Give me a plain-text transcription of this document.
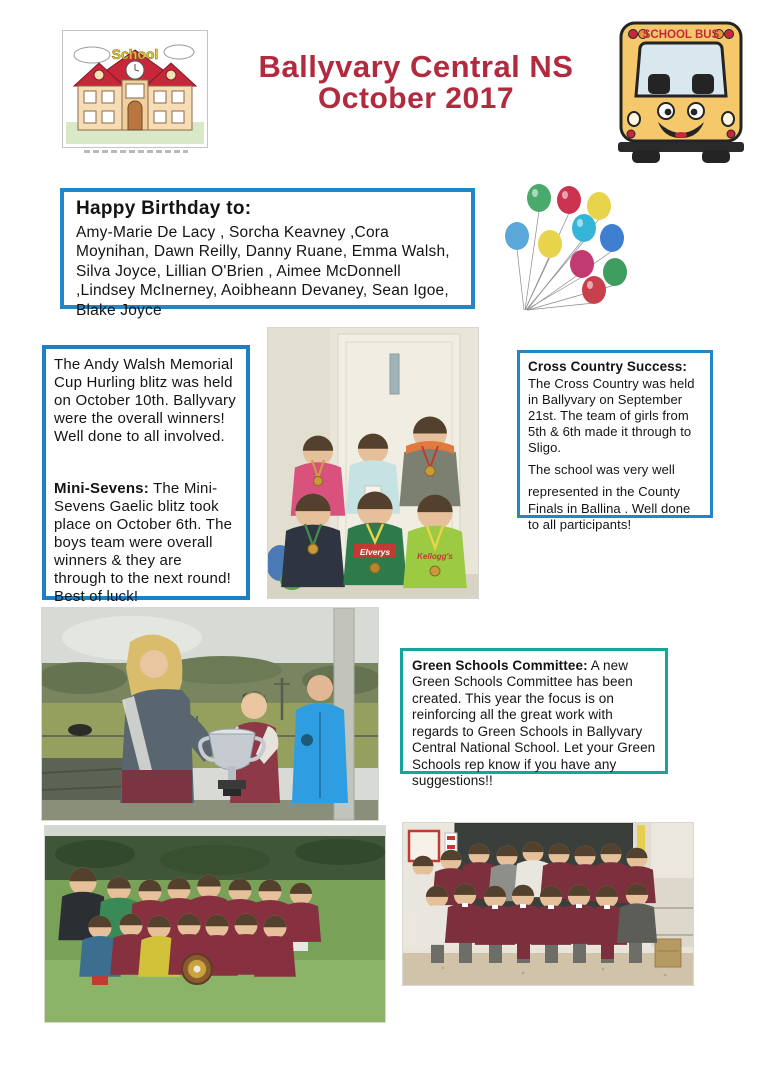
School	Ballyvary Central NS
October 2017
SCHOOL BUS

Happy Birthday to:

Amy-Marie De Lacy , Sorcha Keavney ,Cora Moynihan, Dawn Reilly, Danny Ruane, Emma Walsh, Silva Joyce, Lillian O'Brien , Aimee McDonnell ,Lindsey McInerney, Aoibheann Devaney, Sean Igoe, Blake Joyce

The Andy Walsh Memorial Cup Hurling blitz was held on October 10th. Ballyvary were the overall winners! Well done to all involved.

Mini-Sevens: The Mini-Sevens Gaelic blitz took place on October 6th. The boys team were overall winners & they are through to the next round! Best of luck!

Elverys	Kellogg's
Cross Country Success:

The Cross Country was held in Ballyvary on September 21st. The team of girls from 5th & 6th made it through to Sligo.

The school was very well

represented in the County Finals in Ballina . Well done to all participants!

Green Schools Committee: A new Green Schools Committee has been created. This year the focus is on reinforcing all the great work with regards to Green Schools in Ballyvary Central National School. Let your Green Schools rep know if you have any suggestions!!
